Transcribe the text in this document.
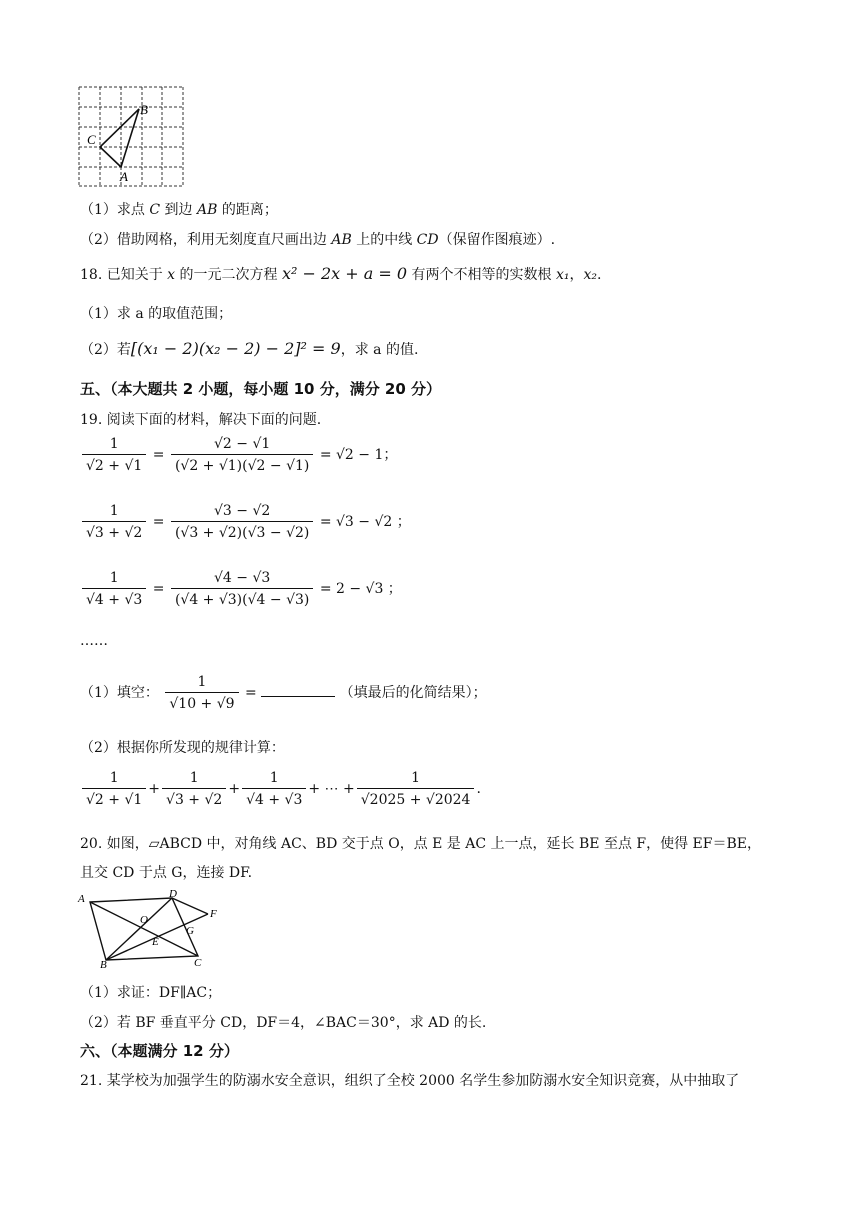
B
C
A
（1）求点 C 到边 AB 的距离；
（2）借助网格，利用无刻度直尺画出边 AB 上的中线 CD（保留作图痕迹）.
18. 已知关于 x 的一元二次方程 x² − 2x + a = 0 有两个不相等的实数根 x₁，x₂.
（1）求 a 的取值范围；
（2）若[(x₁ − 2)(x₂ − 2) − 2]² = 9，求 a 的值.
五、（本大题共 2 小题，每小题 10 分，满分 20 分）
19. 阅读下面的材料，解决下面的问题.
$\frac{1}{√2 + √1} = \frac{√2 - √1}{(√2 + √1)(√2 - √1)} = √2 - 1$；
$\frac{1}{√3 + √2} = \frac{√3 - √2}{(√3 + √2)(√3 - √2)} = √3 - √2$ ；
$\frac{1}{√4 + √3} = \frac{√4 - √3}{(√4 + √3)(√4 - √3)} = 2 - √3$ ；
……
（1）填空： $\frac{1}{√10 + √9}$ =	（填最后的化简结果）；
（2）根据你所发现的规律计算：
$\frac{1}{√2 + √1} + \frac{1}{√3 + √2} + \frac{1}{√4 + √3}$ + ⋯ + $\frac{1}{√2025 + √2024}$ .
20. 如图，▱ABCD 中，对角线 AC、BD 交于点 O，点 E 是 AC 上一点，延长 BE 至点 F，使得 EF＝BE，
且交 CD 于点 G，连接 DF.
A	D
F
O
G
E
B	C
（1）求证：DF∥AC；
（2）若 BF 垂直平分 CD，DF＝4，∠BAC＝30°，求 AD 的长.
六、（本题满分 12 分）
21. 某学校为加强学生的防溺水安全意识，组织了全校 2000 名学生参加防溺水安全知识竞赛，从中抽取了
